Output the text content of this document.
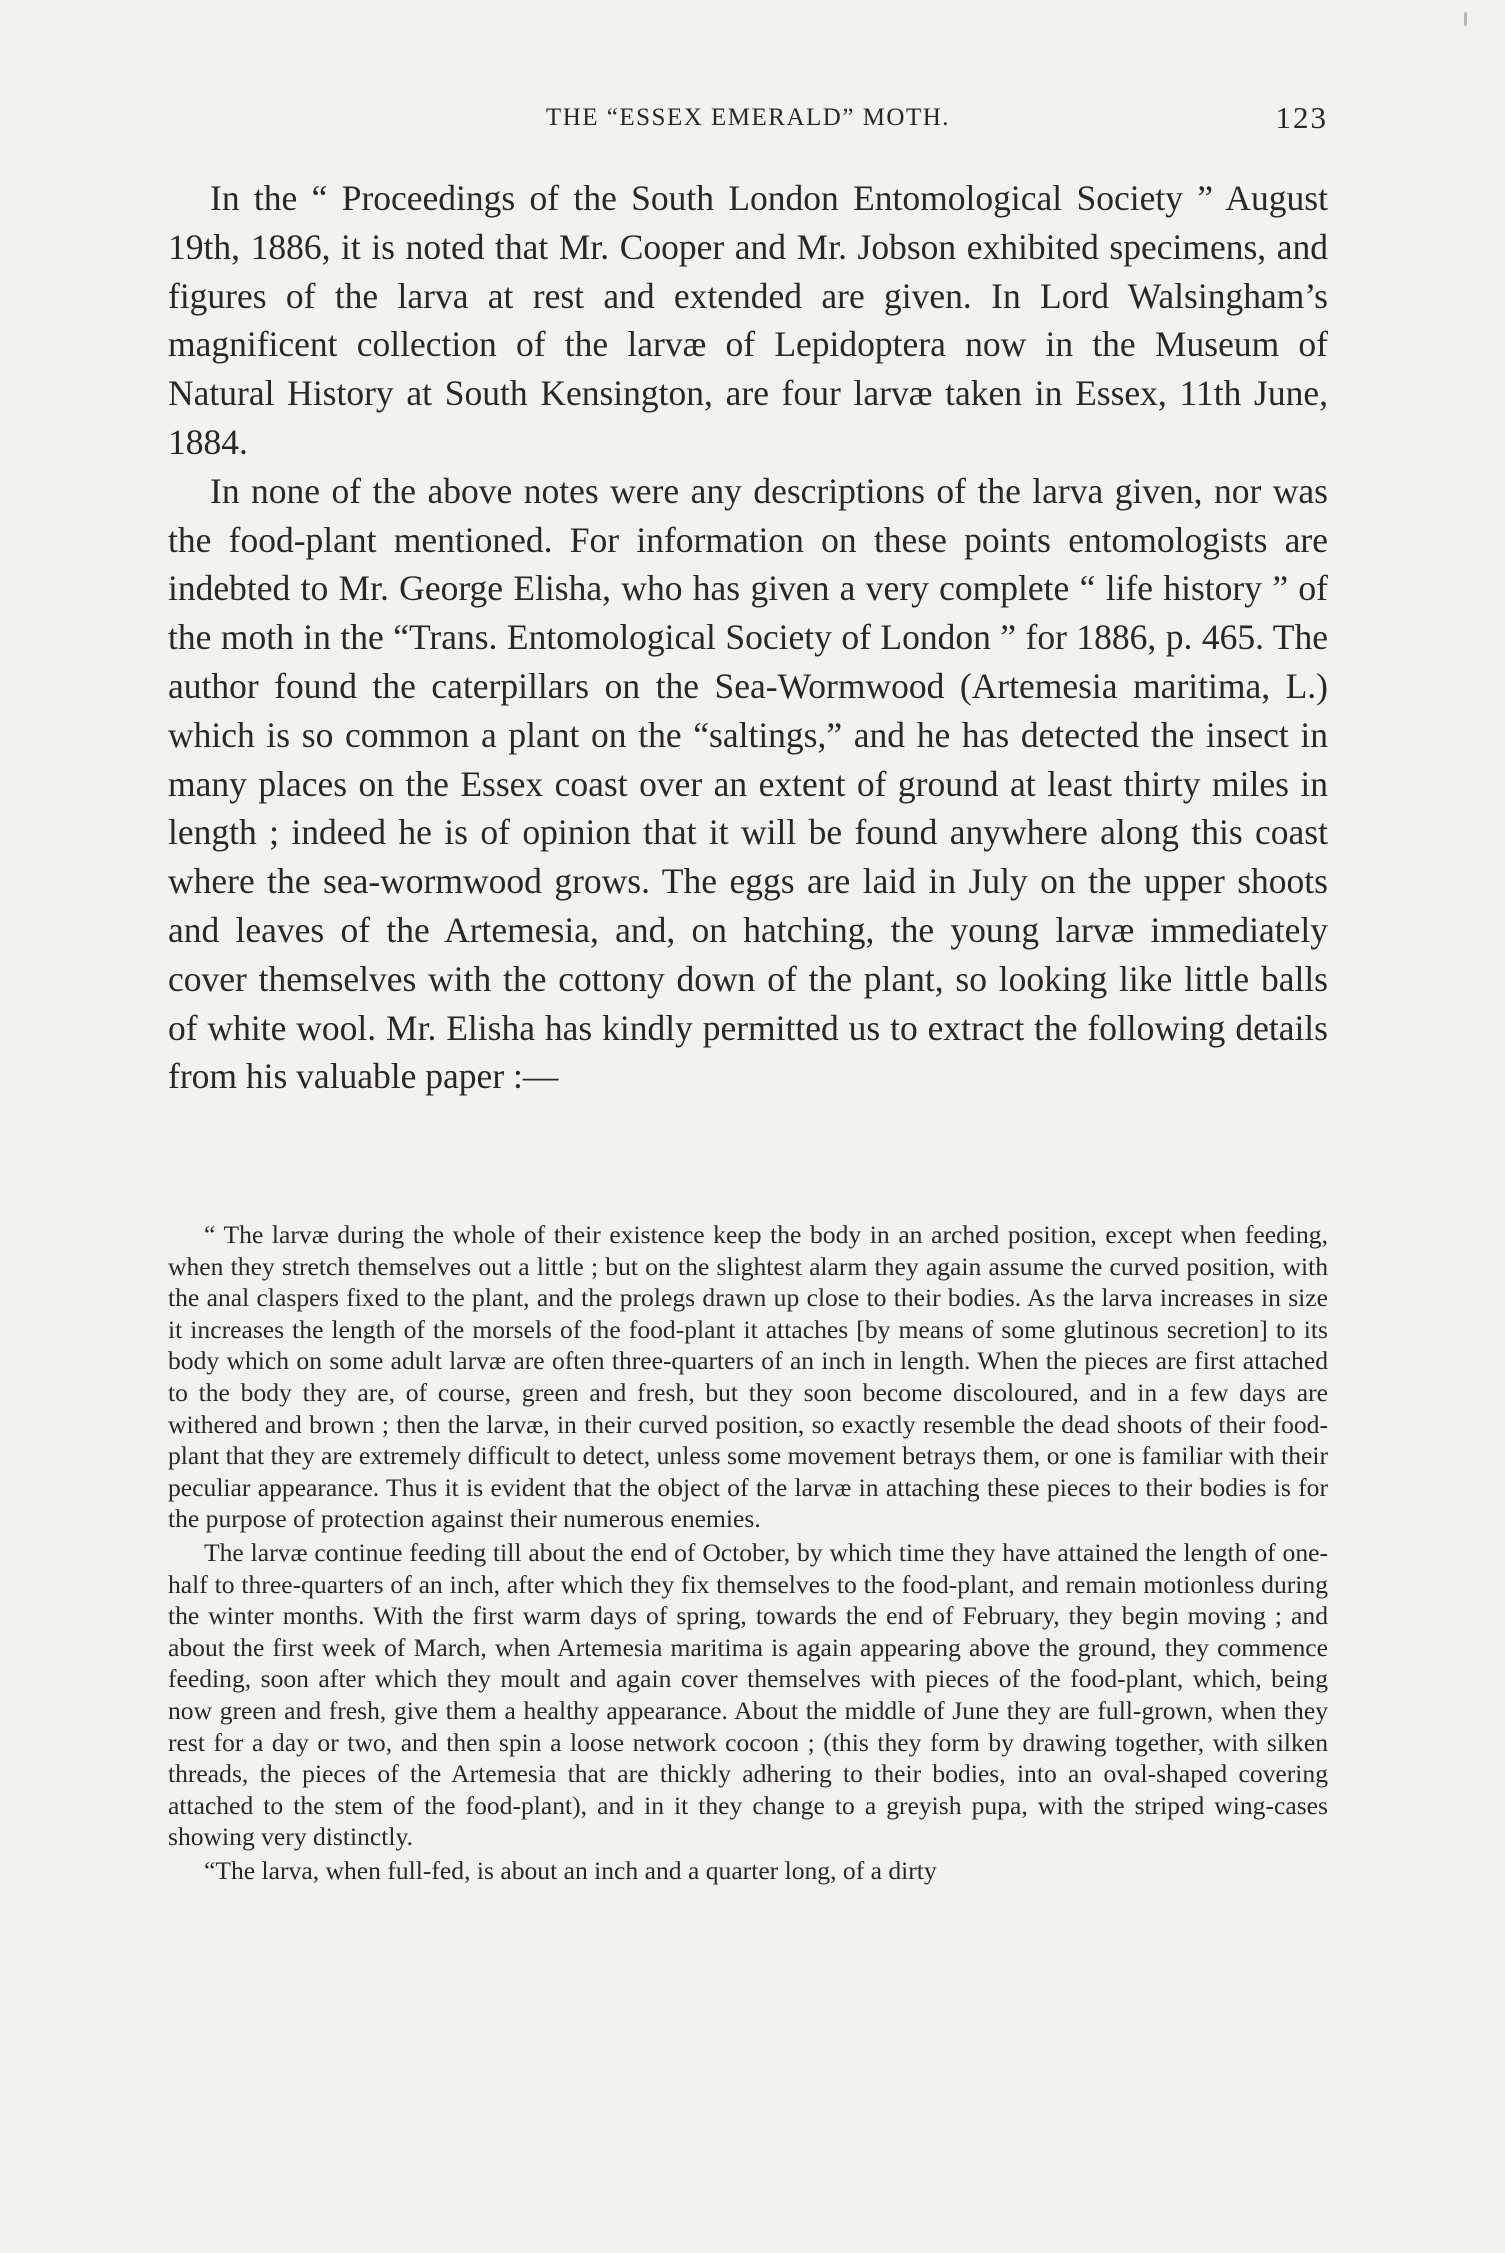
THE “ESSEX EMERALD” MOTH.	123

In the “ Proceedings of the South London Entomological Society ” August 19th, 1886, it is noted that Mr. Cooper and Mr. Jobson exhibited specimens, and figures of the larva at rest and extended are given. In Lord Walsingham’s magnificent collection of the larvæ of Lepidoptera now in the Museum of Natural History at South Kensington, are four larvæ taken in Essex, 11th June, 1884.

In none of the above notes were any descriptions of the larva given, nor was the food-plant mentioned. For information on these points entomologists are indebted to Mr. George Elisha, who has given a very complete “ life history ” of the moth in the “Trans. Entomological Society of London ” for 1886, p. 465. The author found the caterpillars on the Sea-Wormwood (Artemesia maritima, L.) which is so common a plant on the “saltings,” and he has detected the insect in many places on the Essex coast over an extent of ground at least thirty miles in length ; indeed he is of opinion that it will be found anywhere along this coast where the sea-wormwood grows. The eggs are laid in July on the upper shoots and leaves of the Artemesia, and, on hatching, the young larvæ immediately cover themselves with the cottony down of the plant, so looking like little balls of white wool. Mr. Elisha has kindly permitted us to extract the following details from his valuable paper :—

“ The larvæ during the whole of their existence keep the body in an arched position, except when feeding, when they stretch themselves out a little ; but on the slightest alarm they again assume the curved position, with the anal claspers fixed to the plant, and the prolegs drawn up close to their bodies. As the larva increases in size it increases the length of the morsels of the food-plant it attaches [by means of some glutinous secretion] to its body which on some adult larvæ are often three-quarters of an inch in length. When the pieces are first attached to the body they are, of course, green and fresh, but they soon become discoloured, and in a few days are withered and brown ; then the larvæ, in their curved position, so exactly resemble the dead shoots of their food-plant that they are extremely difficult to detect, unless some movement betrays them, or one is familiar with their peculiar appearance. Thus it is evident that the object of the larvæ in attaching these pieces to their bodies is for the purpose of protection against their numerous enemies.

The larvæ continue feeding till about the end of October, by which time they have attained the length of one-half to three-quarters of an inch, after which they fix themselves to the food-plant, and remain motionless during the winter months. With the first warm days of spring, towards the end of February, they begin moving ; and about the first week of March, when Artemesia maritima is again appearing above the ground, they commence feeding, soon after which they moult and again cover themselves with pieces of the food-plant, which, being now green and fresh, give them a healthy appearance. About the middle of June they are full-grown, when they rest for a day or two, and then spin a loose network cocoon ; (this they form by drawing together, with silken threads, the pieces of the Artemesia that are thickly adhering to their bodies, into an oval-shaped covering attached to the stem of the food-plant), and in it they change to a greyish pupa, with the striped wing-cases showing very distinctly.

“The larva, when full-fed, is about an inch and a quarter long, of a dirty
